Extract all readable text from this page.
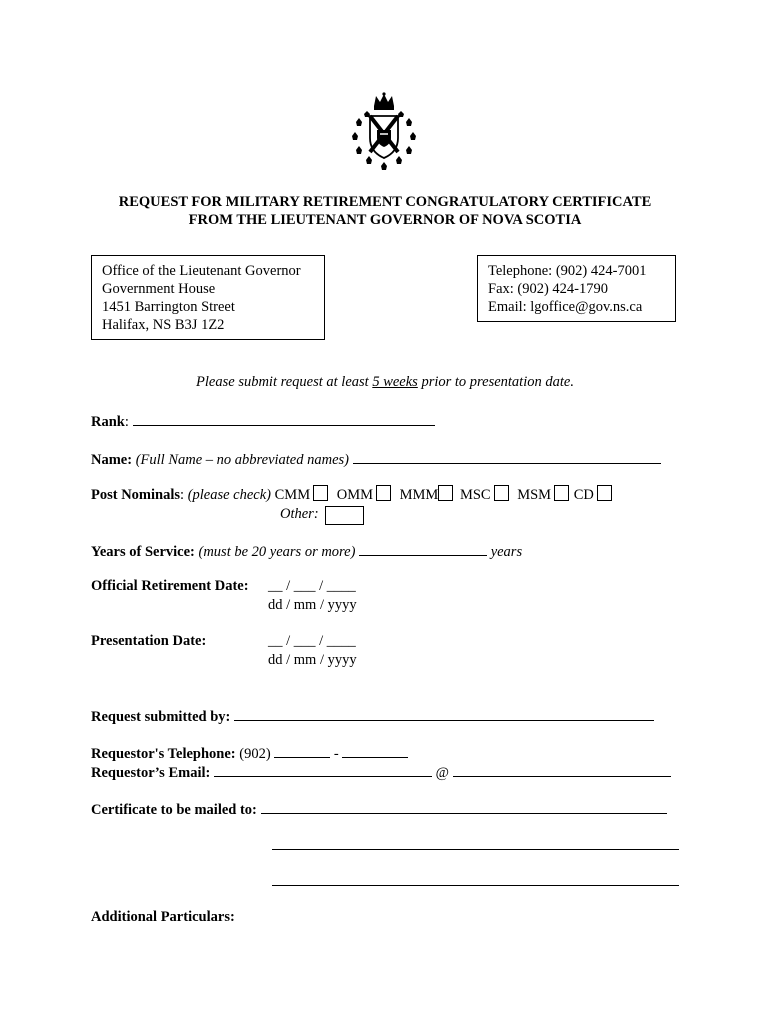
REQUEST FOR MILITARY RETIREMENT CONGRATULATORY CERTIFICATE
FROM THE LIEUTENANT GOVERNOR OF NOVA SCOTIA
Office of the Lieutenant Governor
Government House
1451 Barrington Street
Halifax, NS B3J 1Z2
Telephone: (902) 424-7001
Fax: (902) 424-1790
Email: lgoffice@gov.ns.ca
Please submit request at least 5 weeks prior to presentation date.
Rank:
Name: (Full Name – no abbreviated names)
Post Nominals: (please check) CMM OMM MMM MSC MSM CD
Other:
Years of Service: (must be 20 years or more)	years
Official Retirement Date: __ / ___ / ____
dd / mm / yyyy
Presentation Date:	__ / ___ / ____
dd / mm / yyyy
Request submitted by:
Requestor's Telephone: (902)	-
Requestor’s Email:	@
Certificate to be mailed to:
Additional Particulars:
